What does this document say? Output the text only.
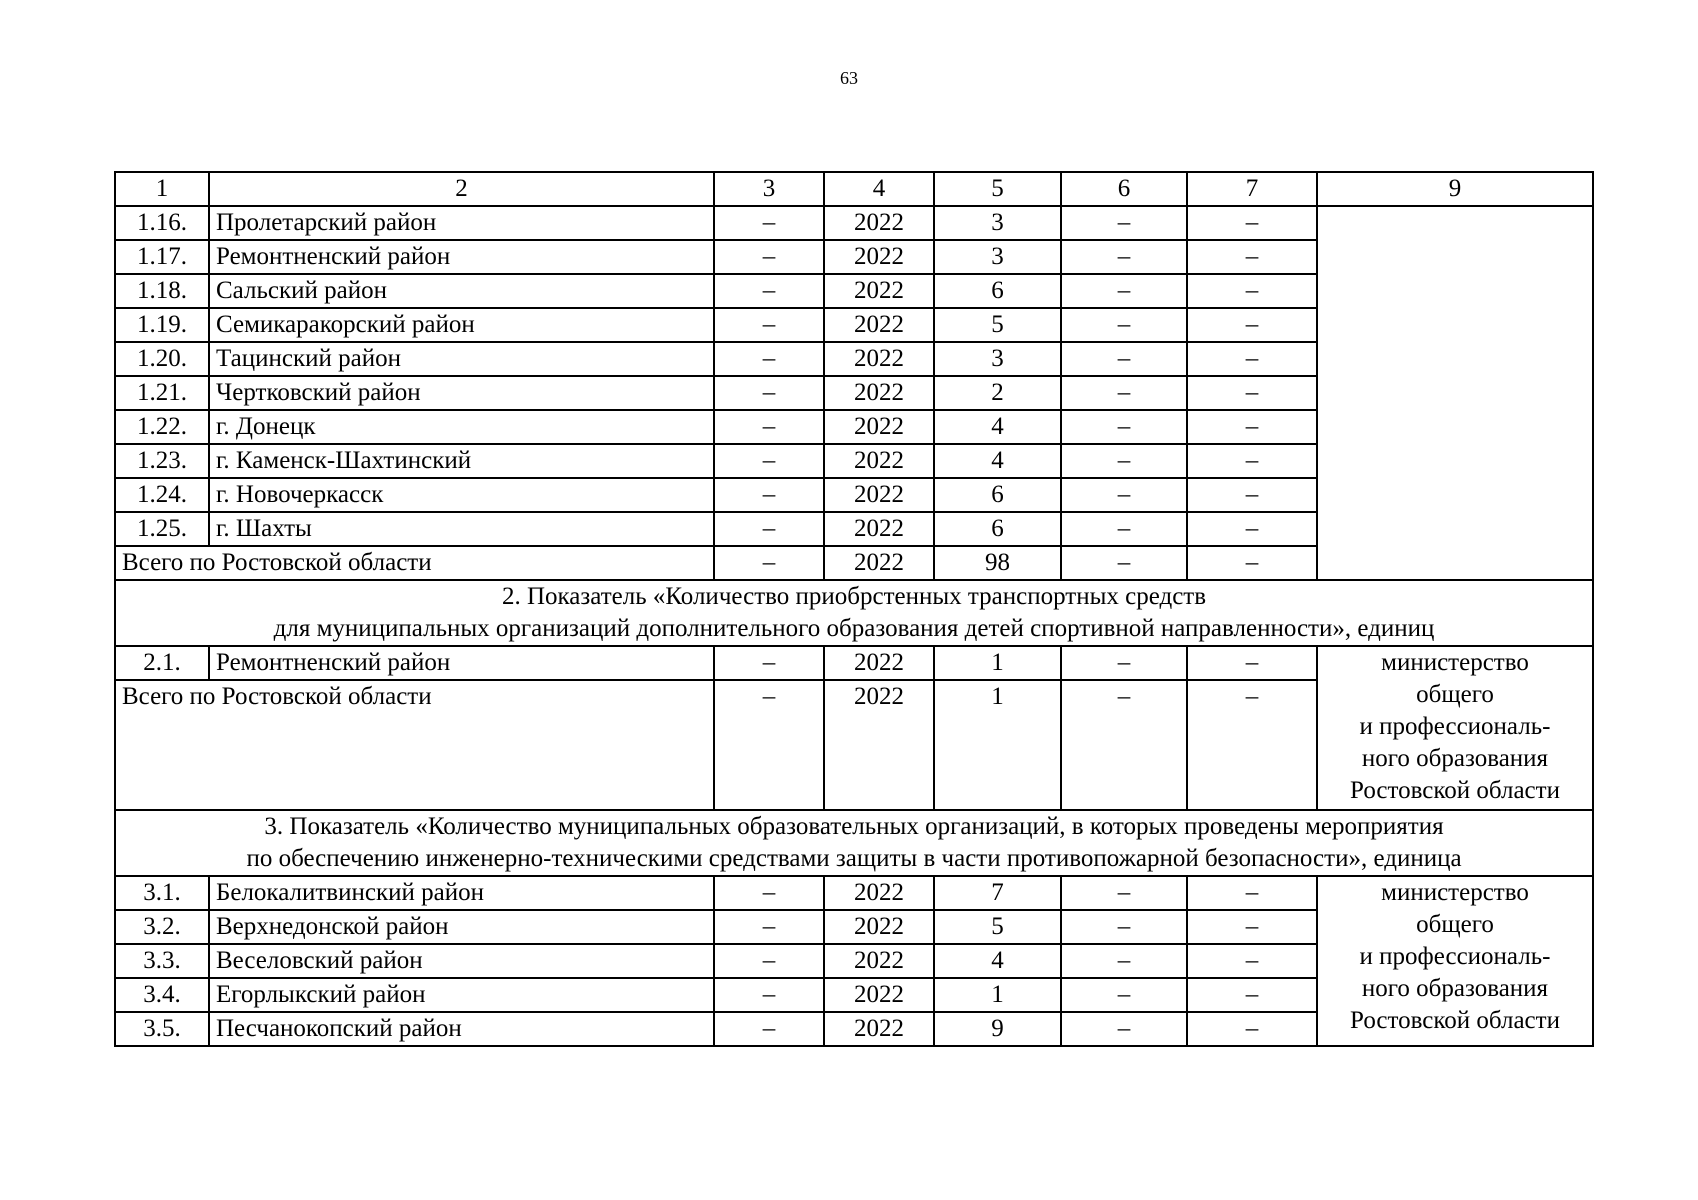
63
1	2	3	4	5	6	7	9
1.16.	Пролетарский район	–	2022	3	–	–	
1.17.	Ремонтненский район	–	2022	3	–	–	
1.18.	Сальский район	–	2022	6	–	–	
1.19.	Семикаракорский район	–	2022	5	–	–	
1.20.	Тацинский район	–	2022	3	–	–	
1.21.	Чертковский район	–	2022	2	–	–	
1.22.	г. Донецк	–	2022	4	–	–	
1.23.	г. Каменск-Шахтинский	–	2022	4	–	–	
1.24.	г. Новочеркасск	–	2022	6	–	–	
1.25.	г. Шахты	–	2022	6	–	–	
Всего по Ростовской области		–	2022	98	–	–	

2. Показатель «Количество приобрстенных транспортных средств
для муниципальных организаций дополнительного образования детей спортивной направленности», единиц							

2.1.	Ремонтненский район	–	2022	1	–	–	министерство
общего
и профессиональ-
ного образования
Ростовской области

Всего по Ростовской области		–	2022	1	–	–	

3. Показатель «Количество муниципальных образовательных организаций, в которых проведены мероприятия
по обеспечению инженерно-техническими средствами защиты в части противопожарной безопасности», единица							

3.1.	Белокалитвинский район	–	2022	7	–	–	министерство
общего
и профессиональ-
ного образования
Ростовской области

3.2.	Верхнедонской район	–	2022	5	–	–	
3.3.	Веселовский район	–	2022	4	–	–	
3.4.	Егорлыкский район	–	2022	1	–	–	
3.5.	Песчанокопский район	–	2022	9	–	–	
